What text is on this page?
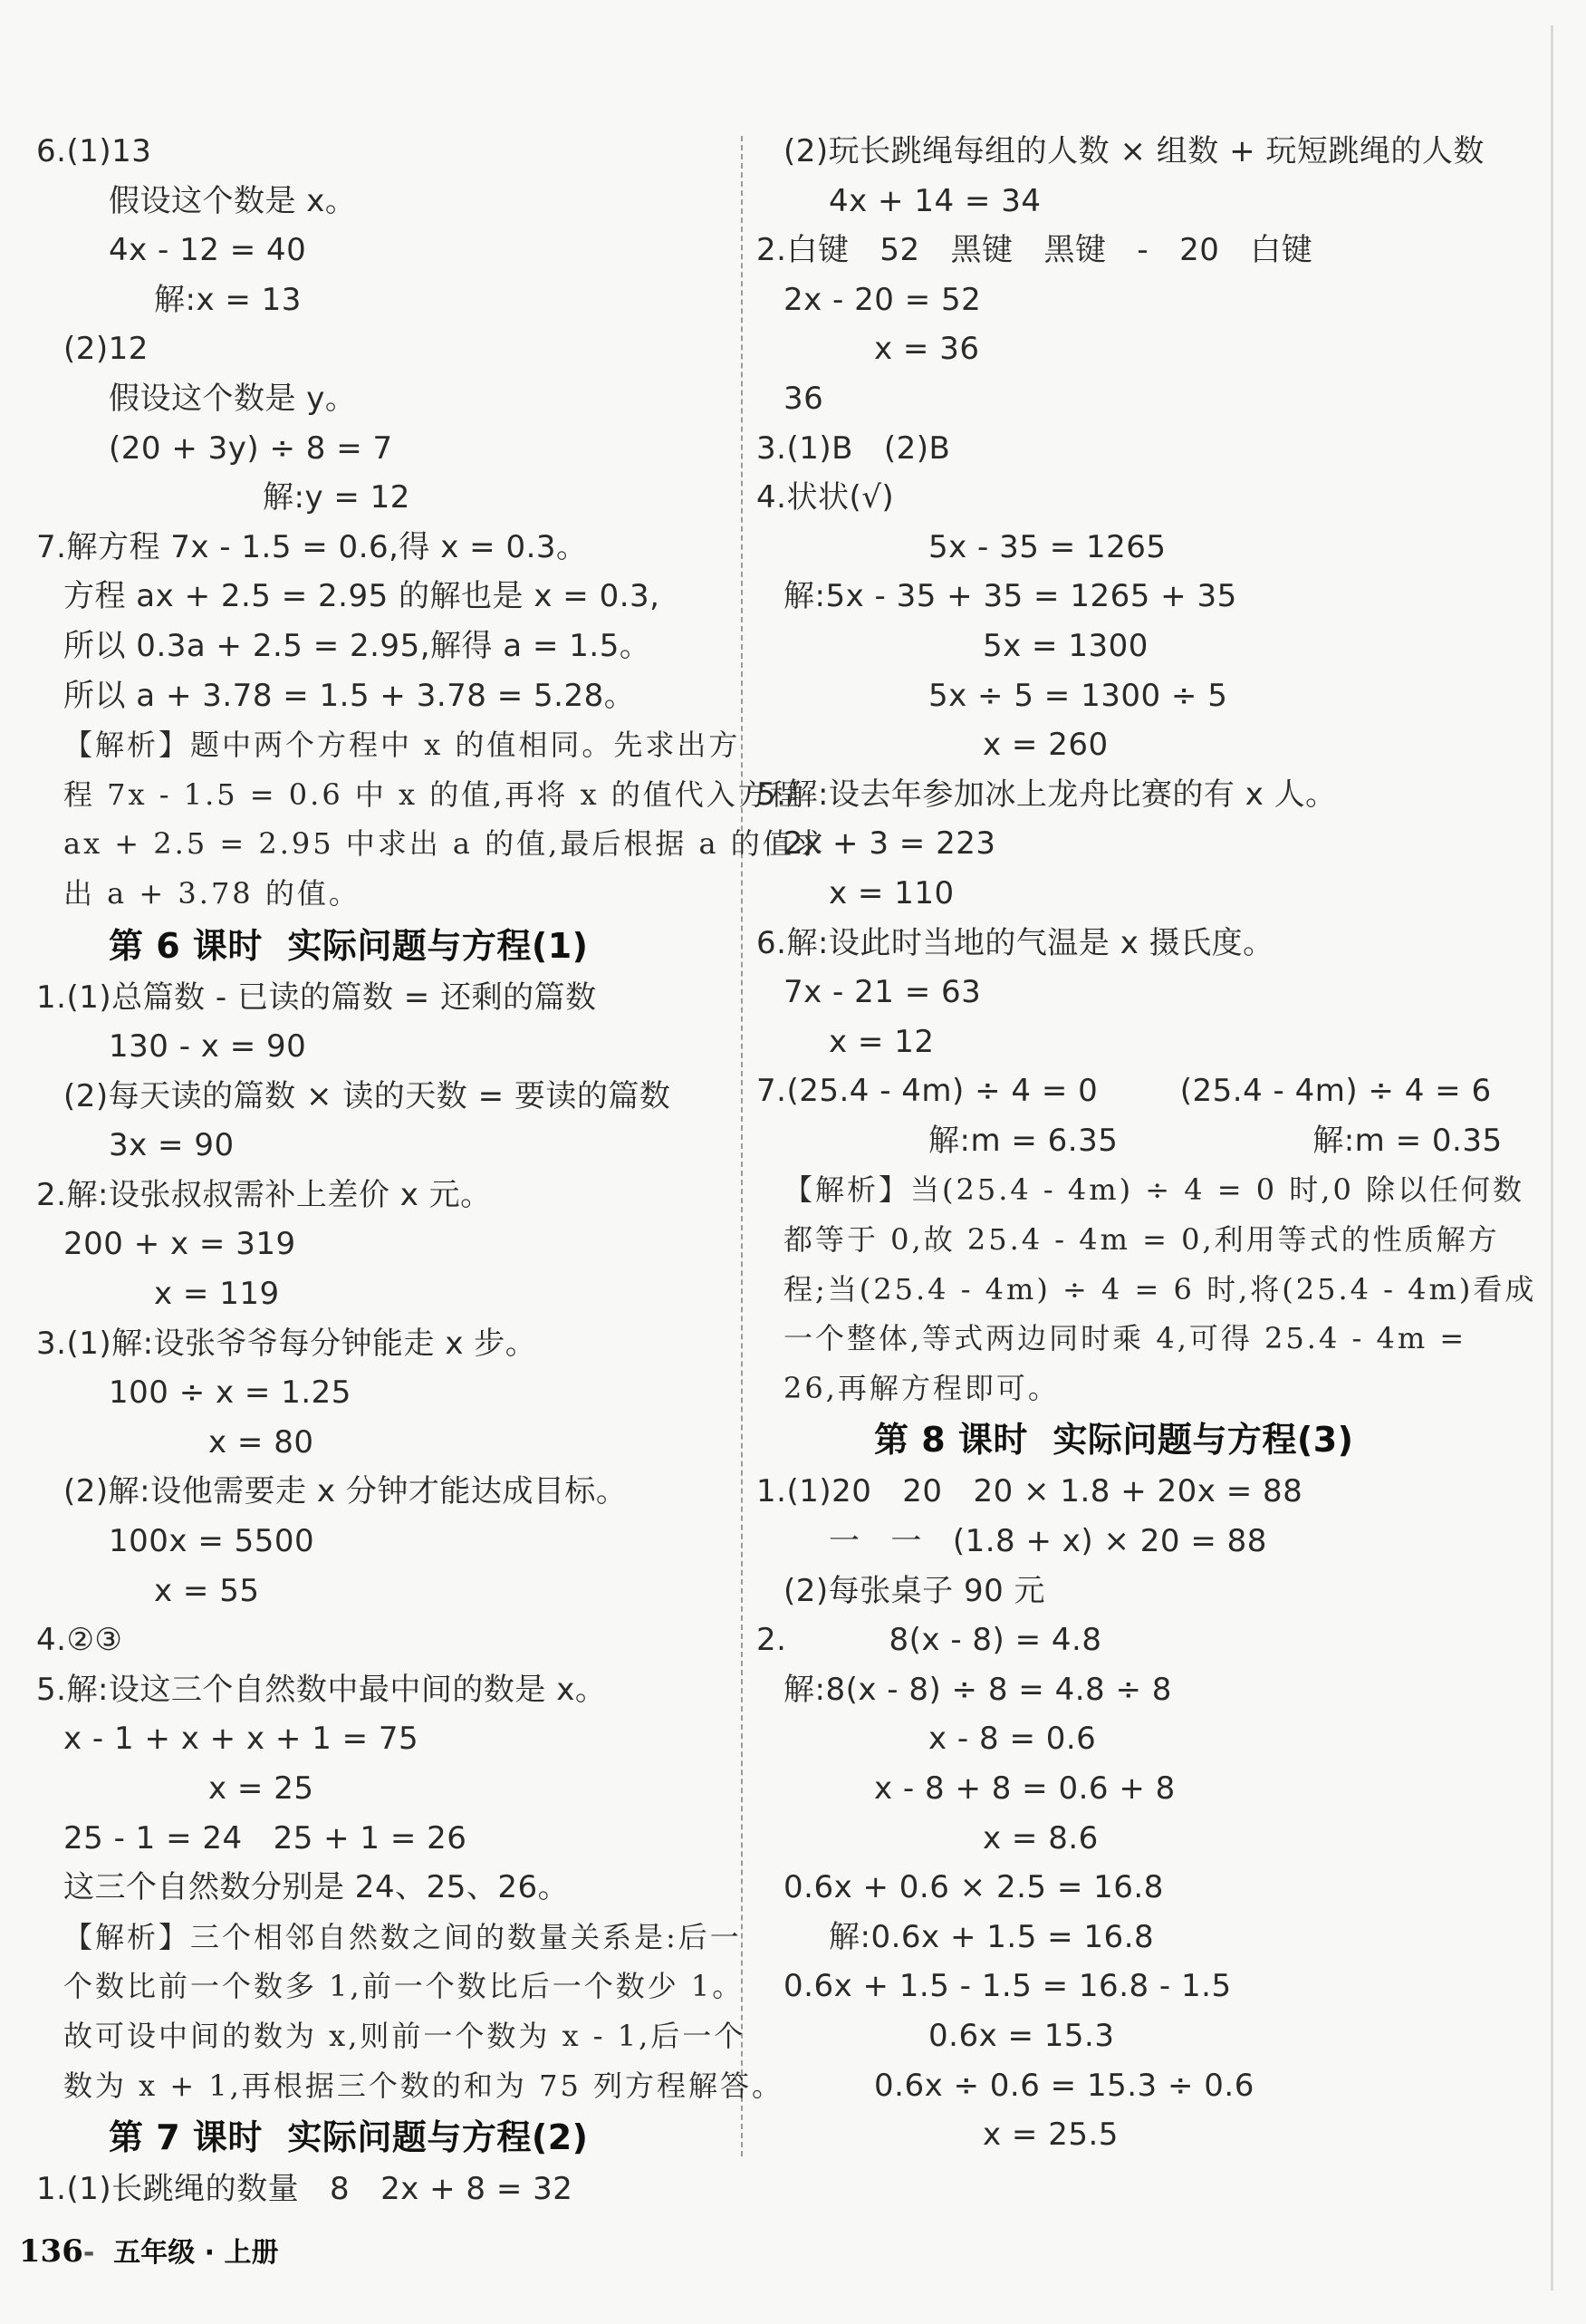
6.(1)13
假设这个数是 x。
4x - 12 = 40
解:x = 13
(2)12
假设这个数是 y。
(20 + 3y) ÷ 8 = 7
解:y = 12
7.解方程 7x - 1.5 = 0.6,得 x = 0.3。
方程 ax + 2.5 = 2.95 的解也是 x = 0.3,
所以 0.3a + 2.5 = 2.95,解得 a = 1.5。
所以 a + 3.78 = 1.5 + 3.78 = 5.28。
【解析】题中两个方程中 x 的值相同。先求出方
程 7x - 1.5 = 0.6 中 x 的值,再将 x 的值代入方程
ax + 2.5 = 2.95 中求出 a 的值,最后根据 a 的值求
出 a + 3.78 的值。
第 6 课时  实际问题与方程(1)
1.(1)总篇数 - 已读的篇数 = 还剩的篇数
130 - x = 90
(2)每天读的篇数 × 读的天数 = 要读的篇数
3x = 90
2.解:设张叔叔需补上差价 x 元。
200 + x = 319
x = 119
3.(1)解:设张爷爷每分钟能走 x 步。
100 ÷ x = 1.25
x = 80
(2)解:设他需要走 x 分钟才能达成目标。
100x = 5500
x = 55
4.②③
5.解:设这三个自然数中最中间的数是 x。
x - 1 + x + x + 1 = 75
x = 25
25 - 1 = 24   25 + 1 = 26
这三个自然数分别是 24、25、26。
【解析】三个相邻自然数之间的数量关系是:后一
个数比前一个数多 1,前一个数比后一个数少 1。
故可设中间的数为 x,则前一个数为 x - 1,后一个
数为 x + 1,再根据三个数的和为 75 列方程解答。
第 7 课时  实际问题与方程(2)
1.(1)长跳绳的数量   8   2x + 8 = 32
(2)玩长跳绳每组的人数 × 组数 + 玩短跳绳的人数
4x + 14 = 34
2.白键   52   黑键   黑键   -   20   白键
2x - 20 = 52
x = 36
36
3.(1)B   (2)B
4.状状(√)
5x - 35 = 1265
解:5x - 35 + 35 = 1265 + 35
5x = 1300
5x ÷ 5 = 1300 ÷ 5
x = 260
5.解:设去年参加冰上龙舟比赛的有 x 人。
2x + 3 = 223
x = 110
6.解:设此时当地的气温是 x 摄氏度。
7x - 21 = 63
x = 12
7.(25.4 - 4m) ÷ 4 = 0        (25.4 - 4m) ÷ 4 = 6
解:m = 6.35                   解:m = 0.35
【解析】当(25.4 - 4m) ÷ 4 = 0 时,0 除以任何数
都等于 0,故 25.4 - 4m = 0,利用等式的性质解方
程;当(25.4 - 4m) ÷ 4 = 6 时,将(25.4 - 4m)看成
一个整体,等式两边同时乘 4,可得 25.4 - 4m =
26,再解方程即可。
第 8 课时  实际问题与方程(3)
1.(1)20   20   20 × 1.8 + 20x = 88
一   一   (1.8 + x) × 20 = 88
(2)每张桌子 90 元
2.          8(x - 8) = 4.8
解:8(x - 8) ÷ 8 = 4.8 ÷ 8
x - 8 = 0.6
x - 8 + 8 = 0.6 + 8
x = 8.6
0.6x + 0.6 × 2.5 = 16.8
解:0.6x + 1.5 = 16.8
0.6x + 1.5 - 1.5 = 16.8 - 1.5
0.6x = 15.3
0.6x ÷ 0.6 = 15.3 ÷ 0.6
x = 25.5

136- 五年级 · 上册
